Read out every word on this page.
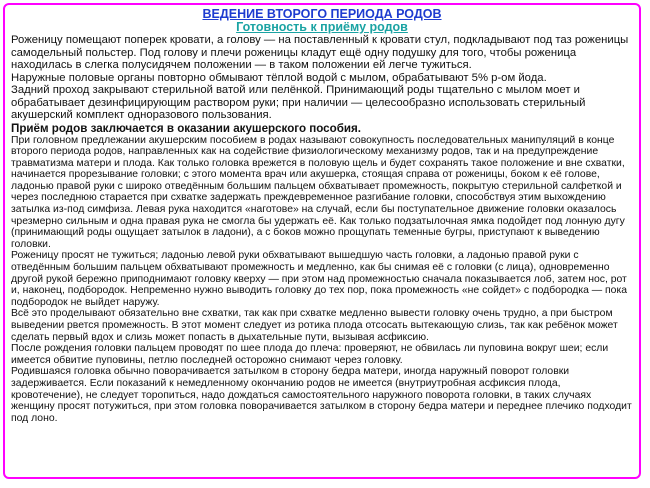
ВЕДЕНИЕ ВТОРОГО ПЕРИОДА РОДОВ
Готовность к приёму родов

Роженицу помещают поперек кровати, а голову — на поставленный к кровати стул, подкладывают под таз роженицы самодельный польстер. Под голову и плечи роженицы кладут ещё одну подушку для того, чтобы роженица находилась в слегка полусидячем положении — в таком положении ей легче тужиться.

Наружные половые органы повторно обмывают тёплой водой с мылом, обрабатывают 5% р-ом йода.

Задний проход закрывают стерильной ватой или пелёнкой. Принимающий роды тщательно с мылом моет и обрабатывает дезинфицирующим раствором руки; при наличии — целесообразно использовать стерильный акушерский комплект одноразового пользования.

Приём родов заключается в оказании акушерского пособия.

При головном предлежании акушерским пособием в родах называют совокупность последовательных манипуляций в конце второго периода родов, направленных как на содействие физиологическому механизму родов, так и на предупреждение травматизма матери и плода. Как только головка врежется в половую щель и будет сохранять такое положение и вне схватки, начинается прорезывание головки; с этого момента врач или акушерка, стоящая справа от роженицы, боком к её голове, ладонью правой руки с широко отведённым большим пальцем обхватывает промежность, покрытую стерильной салфеткой и через последнюю старается при схватке задержать преждевременное разгибание головки, способствуя этим выхождению затылка из-под симфиза. Левая рука находится «наготове» на случай, если бы поступательное движение головки оказалось чрезмерно сильным и одна правая рука не смогла бы удержать её. Как только подзатылочная ямка подойдет под лонную дугу (принимающий роды ощущает затылок в ладони), а с боков можно прощупать теменные бугры, приступают к выведению головки.

Роженицу просят не тужиться; ладонью левой руки обхватывают вышедшую часть головки, а ладонью правой руки с отведённым большим пальцем обхватывают промежность и медленно, как бы снимая её с головки (с лица), одновременно другой рукой бережно приподнимают головку кверху — при этом над промежностью сначала показывается лоб, затем нос, рот и, наконец, подбородок. Непременно нужно выводить головку до тех пор, пока промежность «не сойдет» с подбородка — пока подбородок не выйдет наружу.

Всё это проделывают обязательно вне схватки, так как при схватке медленно вывести головку очень трудно, а при быстром выведении рвется промежность. В этот момент следует из ротика плода отсосать вытекающую слизь, так как ребёнок может сделать первый вдох и слизь может попасть в дыхательные пути, вызывая асфиксию.

После рождения головки пальцем проводят по шее плода до плеча: проверяют, не обвилась ли пуповина вокруг шеи; если имеется обвитие пуповины, петлю последней осторожно снимают через головку.

Родившаяся головка обычно поворачивается затылком в сторону бедра матери, иногда наружный поворот головки задерживается. Если показаний к немедленному окончанию родов не имеется (внутриутробная асфиксия плода, кровотечение), не следует торопиться, надо дождаться самостоятельного наружного поворота головки, в таких случаях женщину просят потужиться, при этом головка поворачивается затылком в сторону бедра матери и переднее плечико подходит под лоно.
